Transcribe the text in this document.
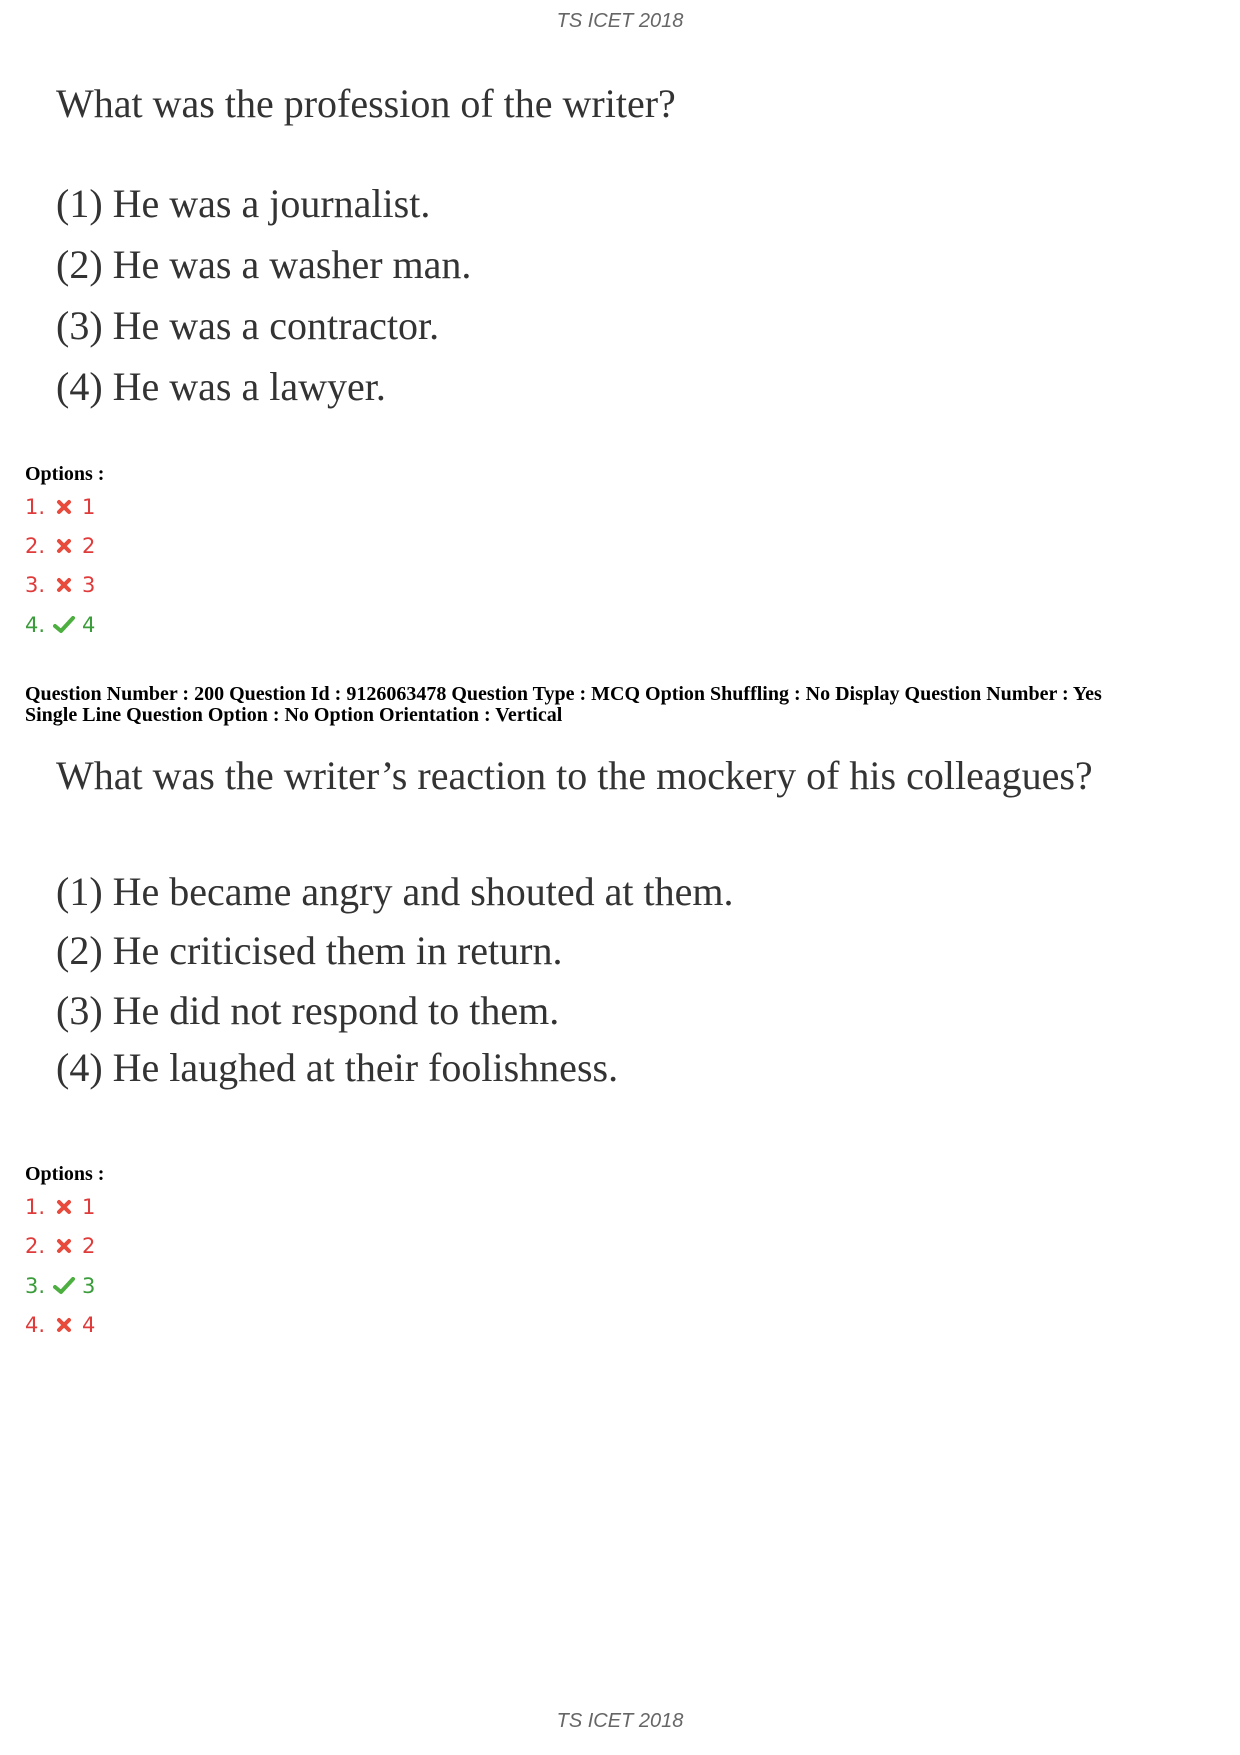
TS ICET 2018
What was the profession of the writer?
(1) He was a journalist.
(2) He was a washer man.
(3) He was a contractor.
(4) He was a lawyer.
Options :
1.	1
2.	2
3.	3
4.	4
Question Number : 200 Question Id : 9126063478 Question Type : MCQ Option Shuffling : No Display Question Number : Yes
Single Line Question Option : No Option Orientation : Vertical
What was the writer’s reaction to the mockery of his colleagues?
(1) He became angry and shouted at them.
(2) He criticised them in return.
(3) He did not respond to them.
(4) He laughed at their foolishness.
Options :
1.	1
2.	2
3.	3
4.	4
TS ICET 2018
